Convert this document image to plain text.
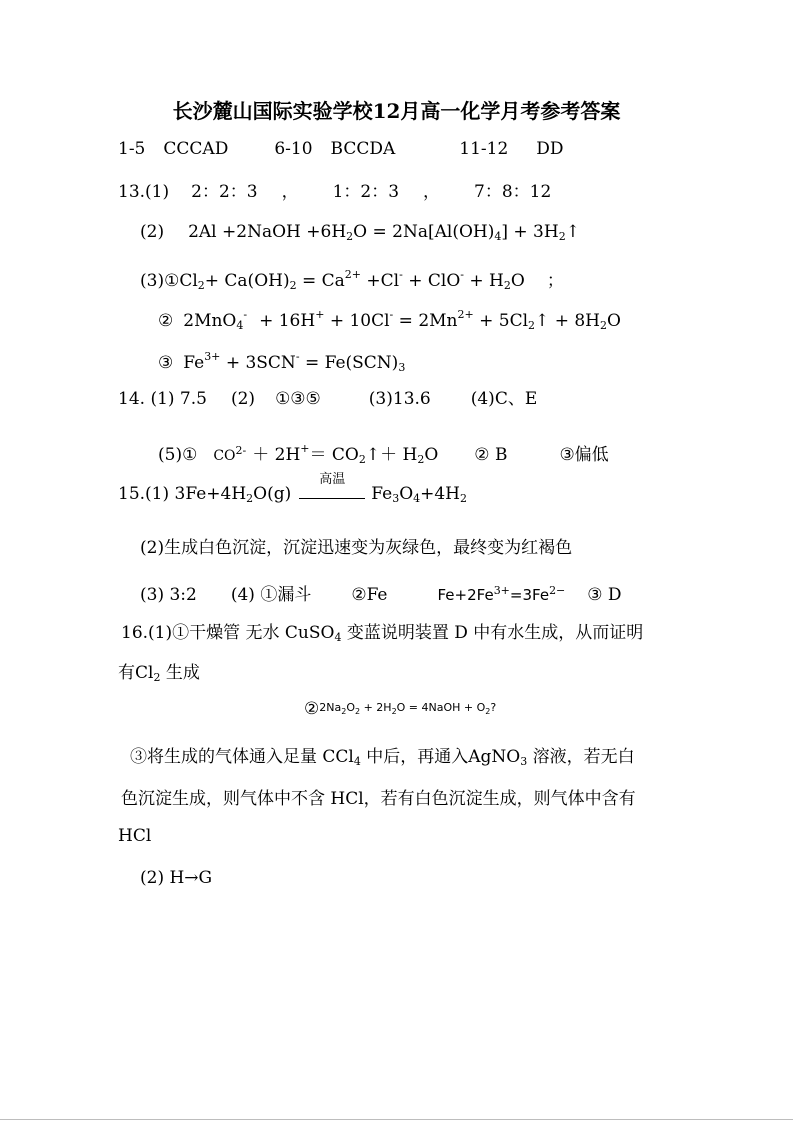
长沙麓山国际实验学校12月高一化学月考参考答案
1-5 CCCAD	6-10 BCCDA	11-12 DD
13.(1) 2：2：3 ， 1：2：3 ， 7：8：12
(2) 2Al +2NaOH $+6H_2O = 2Na[Al(OH)_4]$ + $3H_2↑$
$(3)①Cl_2+ Ca(OH)_2 = Ca^{2+} +Cl^- + ClO^- + H_2O$ ；
② $2MnO_4^- + 16H^+ + 10Cl^- = 2Mn^{2+}$ + $5Cl_2↑ + 8H_2O$
③ $Fe^{3+} + 3SCN^- = Fe(SCN)_3$
14. (1) 7.5 (2) ①③⑤	(3)13.6 (4)C、E
(5)① $CO^{2-} + 2H^+=$ $CO_2↑+ H_2O$ ② B	③偏低
15.(1) $3Fe+4H_2O(g)$
高温
$Fe_3O_4+4H_2$
(2)生成白色沉淀，沉淀迅速变为灰绿色，最终变为红褐色
(3) 3:2 (4) ①漏斗 ②Fe	$Fe+2Fe^{3+}=3Fe^{2-}$ ③ D
16.(1)①干燥管 无水 CuSO$_4$ 变蓝说明装置 D 中有水生成，从而证明
有$Cl_2$ 生成
$②2Na_2O_2 + 2H_2O$ = 4NaOH + $O_2$?
③将生成的气体通入足量 CCl$_4$ 中后，再通入AgNO$_3$ 溶液，若无白
色沉淀生成，则气体中不含 HCl，若有白色沉淀生成，则气体中含有
HCl
(2) H→G
